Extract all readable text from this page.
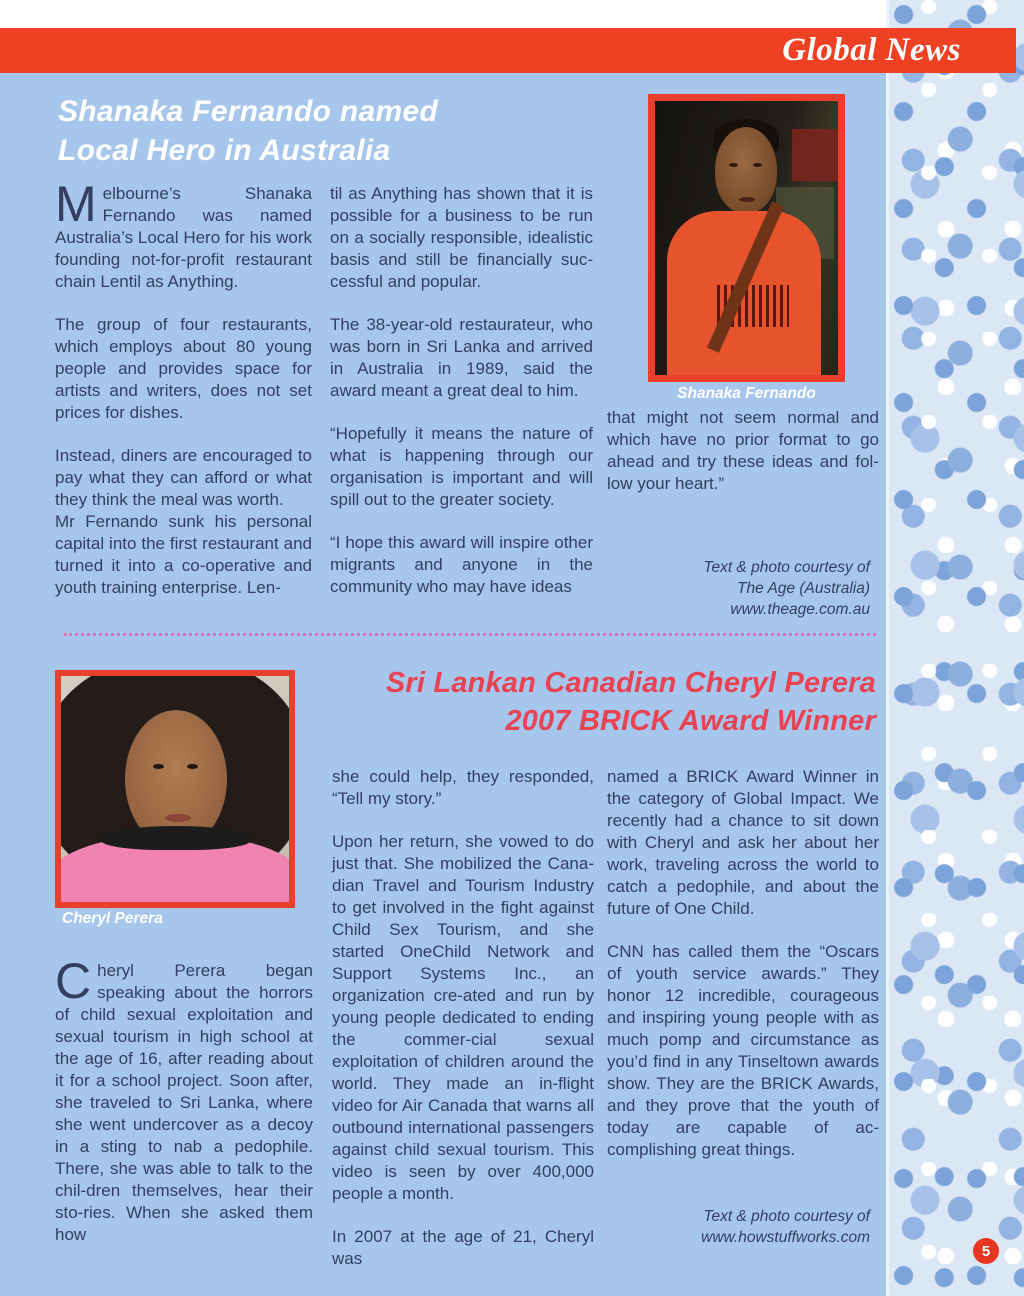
Global News
Shanaka Fernando named
Local Hero in Australia
Shanaka Fernando

Melbourne’s Shanaka Fernando was named Australia’s Local Hero for his work founding not-for-profit restaurant chain Lentil as Anything.

The group of four restaurants, which employs about 80 young people and provides space for artists and writers, does not set prices for dishes.

Instead, diners are encouraged to pay what they can afford or what they think the meal was worth.

Mr Fernando sunk his personal capital into the first restaurant and turned it into a co-operative and youth training enterprise. Len-

til as Anything has shown that it is possible for a business to be run on a socially responsible, idealistic basis and still be financially suc-cessful and popular.

The 38-year-old restaurateur, who was born in Sri Lanka and arrived in Australia in 1989, said the award meant a great deal to him.

“Hopefully it means the nature of what is happening through our organisation is important and will spill out to the greater society.

“I hope this award will inspire other migrants and anyone in the community who may have ideas

that might not seem normal and which have no prior format to go ahead and try these ideas and fol-low your heart.”

Text & photo courtesy of
The Age (Australia)
www.theage.com.au
Cheryl Perera
Sri Lankan Canadian Cheryl Perera
2007 BRICK Award Winner

Cheryl Perera began speaking about the horrors of child sexual exploitation and sexual tourism in high school at the age of 16, after reading about it for a school project. Soon after, she traveled to Sri Lanka, where she went undercover as a decoy in a sting to nab a pedophile. There, she was able to talk to the chil-dren themselves, hear their sto-ries. When she asked them how

she could help, they responded, “Tell my story.”

Upon her return, she vowed to do just that. She mobilized the Cana-dian Travel and Tourism Industry to get involved in the fight against Child Sex Tourism, and she started OneChild Network and Support Systems Inc., an organization cre-ated and run by young people dedicated to ending the commer-cial sexual exploitation of children around the world. They made an in-flight video for Air Canada that warns all outbound international passengers against child sexual tourism. This video is seen by over 400,000 people a month.

In 2007 at the age of 21, Cheryl was

named a BRICK Award Winner in the category of Global Impact. We recently had a chance to sit down with Cheryl and ask her about her work, traveling across the world to catch a pedophile, and about the future of One Child.

CNN has called them the “Oscars of youth service awards.” They honor 12 incredible, courageous and inspiring young people with as much pomp and circumstance as you’d find in any Tinseltown awards show. They are the BRICK Awards, and they prove that the youth of today are capable of ac-complishing great things.

Text & photo courtesy of
www.howstuffworks.com
5
